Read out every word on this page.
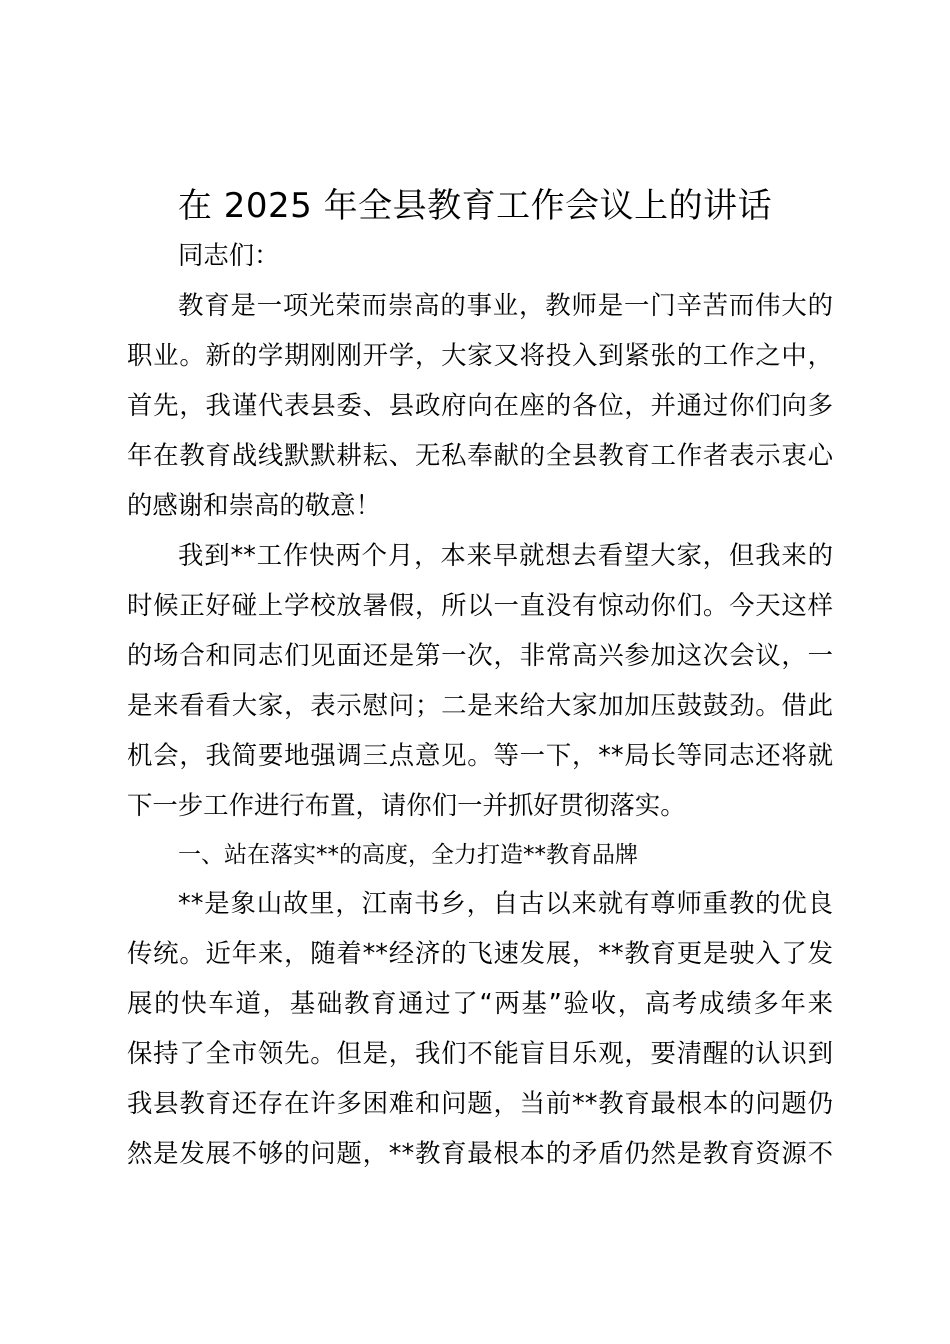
在 2025 年全县教育工作会议上的讲话
同志们：
教育是一项光荣而崇高的事业，教师是一门辛苦而伟大的
职业。新的学期刚刚开学，大家又将投入到紧张的工作之中，
首先，我谨代表县委、县政府向在座的各位，并通过你们向多
年在教育战线默默耕耘、无私奉献的全县教育工作者表示衷心
的感谢和崇高的敬意！
我到**工作快两个月，本来早就想去看望大家，但我来的
时候正好碰上学校放暑假，所以一直没有惊动你们。今天这样
的场合和同志们见面还是第一次，非常高兴参加这次会议，一
是来看看大家，表示慰问；二是来给大家加加压鼓鼓劲。借此
机会，我简要地强调三点意见。等一下，**局长等同志还将就
下一步工作进行布置，请你们一并抓好贯彻落实。
一、站在落实**的高度，全力打造**教育品牌
**是象山故里，江南书乡，自古以来就有尊师重教的优良
传统。近年来，随着**经济的飞速发展，**教育更是驶入了发
展的快车道，基础教育通过了“两基”验收，高考成绩多年来
保持了全市领先。但是，我们不能盲目乐观，要清醒的认识到
我县教育还存在许多困难和问题，当前**教育最根本的问题仍
然是发展不够的问题，**教育最根本的矛盾仍然是教育资源不
